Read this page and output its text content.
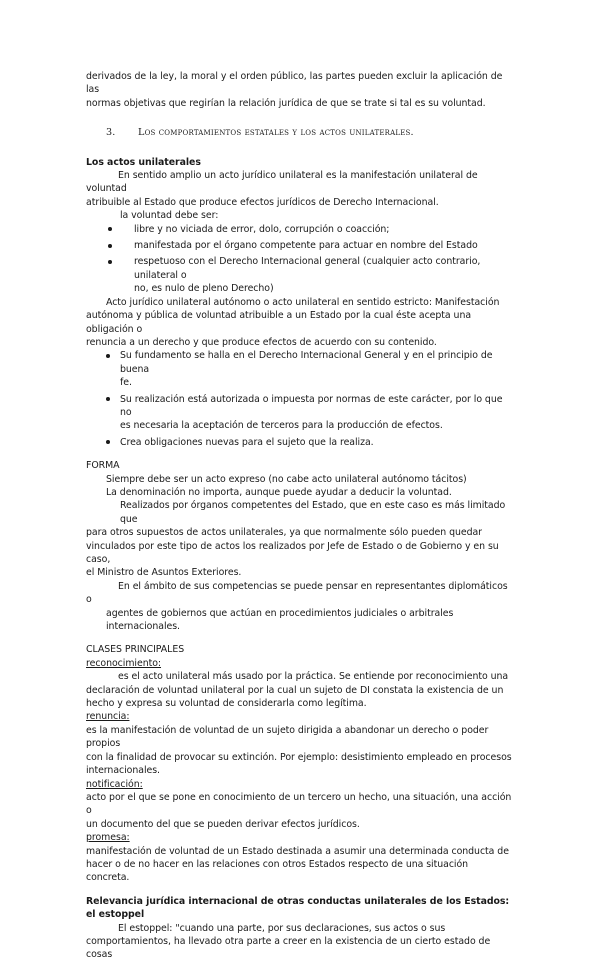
derivados de la ley, la moral y el orden público, las partes pueden excluir la aplicación de las

normas objetivas que regirían la relación jurídica de que se trate si tal es su voluntad.

3.	Los comportamientos estatales y los actos unilaterales.

Los actos unilaterales

En sentido amplio un acto jurídico unilateral es la manifestación unilateral de voluntad

atribuible al Estado que produce efectos jurídicos de Derecho Internacional.

la voluntad debe ser:

libre y no viciada de error, dolo, corrupción o coacción;
manifestada por el órgano competente para actuar en nombre del Estado
respetuoso con el Derecho Internacional general (cualquier acto contrario, unilateral o
no, es nulo de pleno Derecho)

Acto jurídico unilateral autónomo o acto unilateral en sentido estricto: Manifestación

autónoma y pública de voluntad atribuible a un Estado por la cual éste acepta una obligación o

renuncia a un derecho y que produce efectos de acuerdo con su contenido.

Su fundamento se halla en el Derecho Internacional General y en el principio de buena
fe.
Su realización está autorizada o impuesta por normas de este carácter, por lo que no
es necesaria la aceptación de terceros para la producción de efectos.
Crea obligaciones nuevas para el sujeto que la realiza.

FORMA

Siempre debe ser un acto expreso (no cabe acto unilateral autónomo tácitos)

La denominación no importa, aunque puede ayudar a deducir la voluntad.

Realizados por órganos competentes del Estado, que en este caso es más limitado que

para otros supuestos de actos unilaterales, ya que normalmente sólo pueden quedar

vinculados por este tipo de actos los realizados por Jefe de Estado o de Gobierno y en su caso,

el Ministro de Asuntos Exteriores.

En el ámbito de sus competencias se puede pensar en representantes diplomáticos o

agentes de gobiernos que actúan en procedimientos judiciales o arbitrales internacionales.

CLASES PRINCIPALES

reconocimiento:

es el acto unilateral más usado por la práctica. Se entiende por reconocimiento una

declaración de voluntad unilateral por la cual un sujeto de DI constata la existencia de un

hecho y expresa su voluntad de considerarla como legítima.

renuncia:

es la manifestación de voluntad de un sujeto dirigida a abandonar un derecho o poder propios

con la finalidad de provocar su extinción. Por ejemplo: desistimiento empleado en procesos

internacionales.

notificación:

acto por el que se pone en conocimiento de un tercero un hecho, una situación, una acción o

un documento del que se pueden derivar efectos jurídicos.

promesa:

manifestación de voluntad de un Estado destinada a asumir una determinada conducta de

hacer o de no hacer en las relaciones con otros Estados respecto de una situación concreta.

Relevancia jurídica internacional de otras conductas unilaterales de los Estados: el estoppel

El estoppel: "cuando una parte, por sus declaraciones, sus actos o sus

comportamientos, ha llevado otra parte a creer en la existencia de un cierto estado de cosas
